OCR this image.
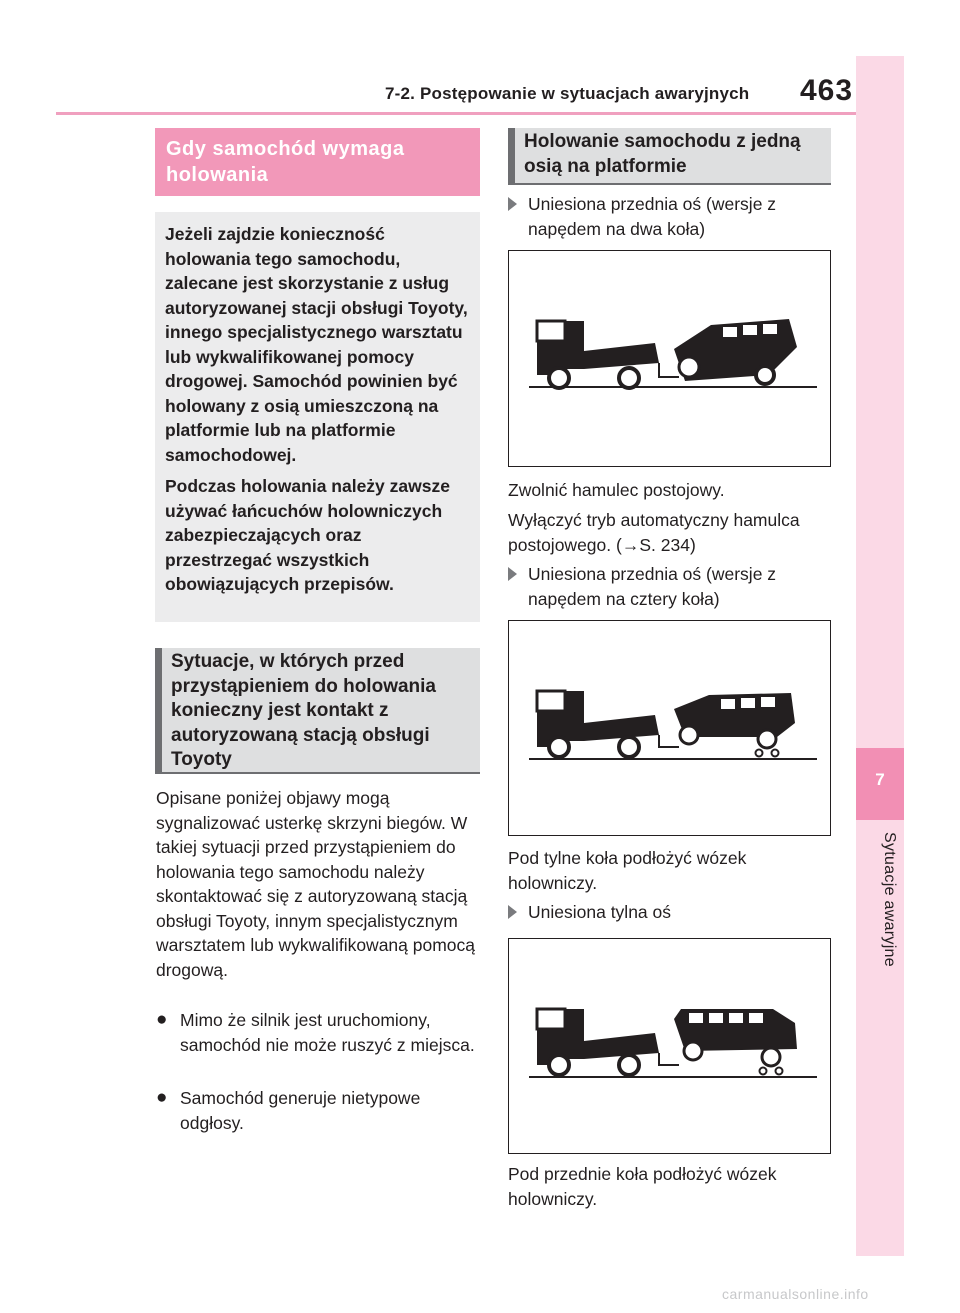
7-2. Postępowanie w sytuacjach awaryjnych 463
7
Sytuacje awaryjne
Gdy samochód wymaga holowania

Jeżeli zajdzie konieczność holowania tego samochodu, zalecane jest skorzystanie z usług autoryzowanej stacji obsługi Toyoty, innego specjalistycznego warsztatu lub wykwalifikowanej pomocy drogowej. Samochód powinien być holowany z osią umieszczoną na platformie lub na platformie samochodowej.

Podczas holowania należy zawsze używać łańcuchów holowniczych zabezpieczających oraz przestrzegać wszystkich obowiązujących przepisów.

Sytuacje, w których przed przystąpieniem do holowania konieczny jest kontakt z autoryzowaną stacją obsługi Toyoty
Opisane poniżej objawy mogą sygnalizować usterkę skrzyni biegów. W takiej sytuacji przed przystąpieniem do holowania tego samochodu należy skontaktować się z autoryzowaną stacją obsługi Toyoty, innym specjalistycznym warsztatem lub wykwalifikowaną pomocą drogową.
● Mimo że silnik jest uruchomiony, samochód nie może ruszyć z miejsca.
● Samochód generuje nietypowe odgłosy.
Holowanie samochodu z jedną osią na platformie
Uniesiona przednia oś (wersje z napędem na dwa koła)
Zwolnić hamulec postojowy.
Wyłączyć tryb automatyczny hamulca postojowego. (→S. 234)
Uniesiona przednia oś (wersje z napędem na cztery koła)
Pod tylne koła podłożyć wózek holowniczy.
Uniesiona tylna oś
Pod przednie koła podłożyć wózek holowniczy.
carmanualsonline.info
